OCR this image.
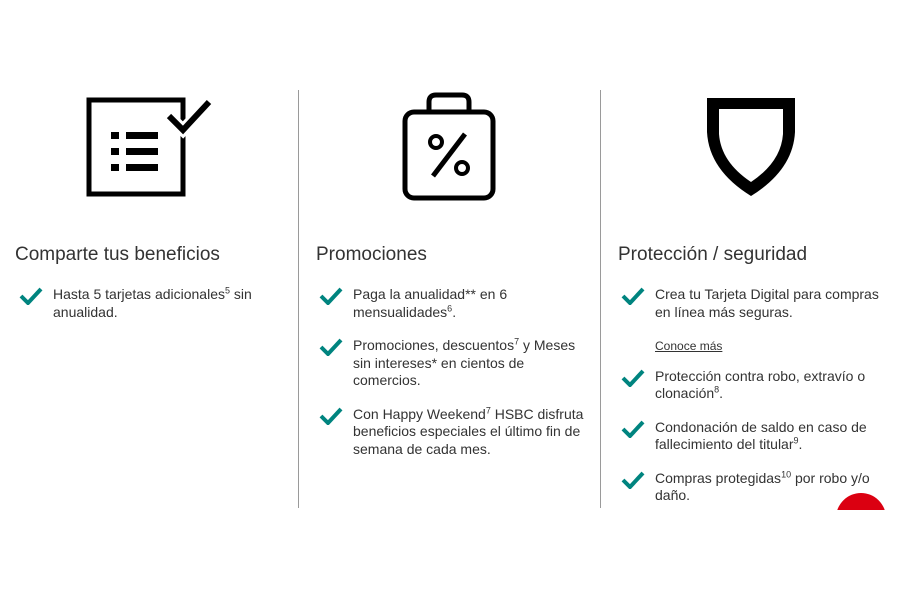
Comparte tus beneficios
Hasta 5 tarjetas adicionales$^5$ sin anualidad.
Promociones
Paga la anualidad** en 6 mensualidades$^6$.
Promociones, descuentos$^7$ y Meses sin intereses* en cientos de comercios.
Con Happy Weekend$^7$ HSBC disfruta beneficios especiales el último fin de semana de cada mes.
Protección / seguridad
Crea tu Tarjeta Digital para compras en línea más seguras.
Conoce más
Protección contra robo, extravío o clonación$^8$.
Condonación de saldo en caso de fallecimiento del titular$^9$.
Compras protegidas$^{10}$ por robo y/o daño.
